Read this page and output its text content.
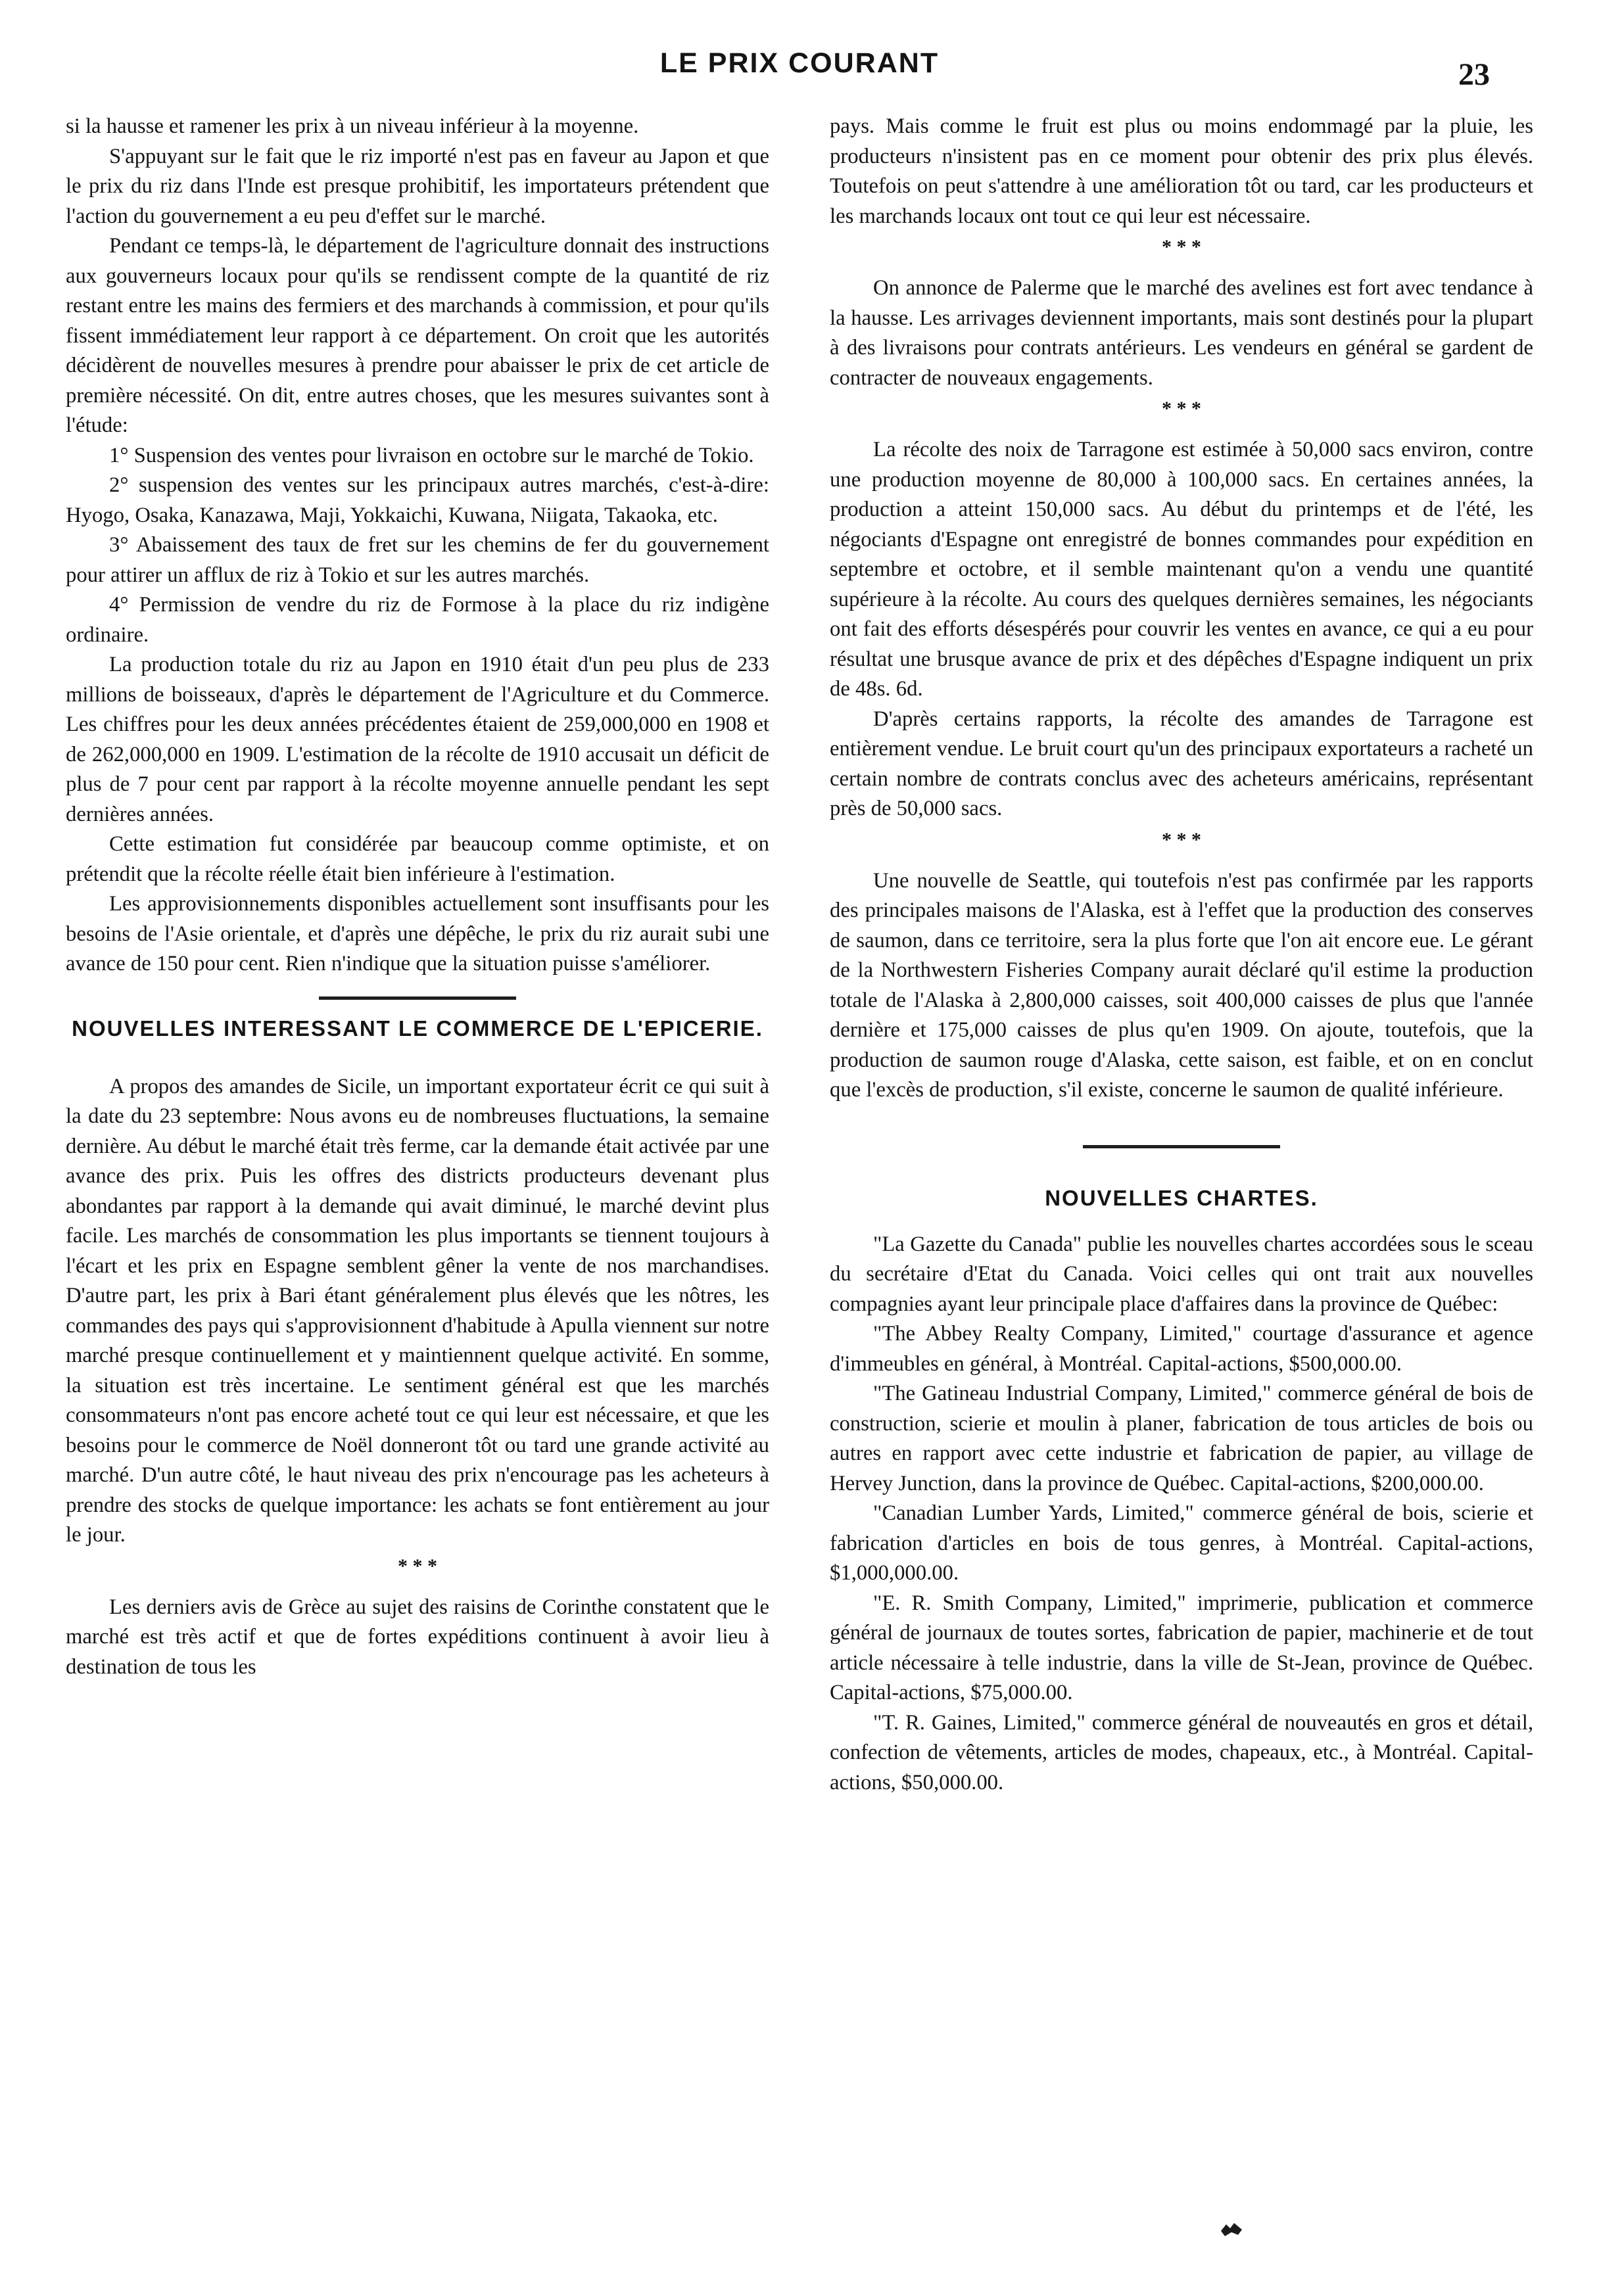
LE PRIX COURANT	23

si la hausse et ramener les prix à un niveau inférieur à la moyenne.

S'appuyant sur le fait que le riz importé n'est pas en faveur au Japon et que le prix du riz dans l'Inde est presque prohibitif, les importateurs prétendent que l'action du gouvernement a eu peu d'effet sur le marché.

Pendant ce temps-là, le département de l'agriculture donnait des instructions aux gouverneurs locaux pour qu'ils se rendissent compte de la quantité de riz restant entre les mains des fermiers et des marchands à commission, et pour qu'ils fissent immédiatement leur rapport à ce département. On croit que les autorités décidèrent de nouvelles mesures à prendre pour abaisser le prix de cet article de première nécessité. On dit, entre autres choses, que les mesures suivantes sont à l'étude:

1° Suspension des ventes pour livraison en octobre sur le marché de Tokio.

2° suspension des ventes sur les principaux autres marchés, c'est-à-dire: Hyogo, Osaka, Kanazawa, Maji, Yokkaichi, Kuwana, Niigata, Takaoka, etc.

3° Abaissement des taux de fret sur les chemins de fer du gouvernement pour attirer un afflux de riz à Tokio et sur les autres marchés.

4° Permission de vendre du riz de Formose à la place du riz indigène ordinaire.

La production totale du riz au Japon en 1910 était d'un peu plus de 233 millions de boisseaux, d'après le département de l'Agriculture et du Commerce. Les chiffres pour les deux années précédentes étaient de 259,000,000 en 1908 et de 262,000,000 en 1909. L'estimation de la récolte de 1910 accusait un déficit de plus de 7 pour cent par rapport à la récolte moyenne annuelle pendant les sept dernières années.

Cette estimation fut considérée par beaucoup comme optimiste, et on prétendit que la récolte réelle était bien inférieure à l'estimation.

Les approvisionnements disponibles actuellement sont insuffisants pour les besoins de l'Asie orientale, et d'après une dépêche, le prix du riz aurait subi une avance de 150 pour cent. Rien n'indique que la situation puisse s'améliorer.

NOUVELLES INTERESSANT LE COMMERCE DE L'EPICERIE.

A propos des amandes de Sicile, un important exportateur écrit ce qui suit à la date du 23 septembre: Nous avons eu de nombreuses fluctuations, la semaine dernière. Au début le marché était très ferme, car la demande était activée par une avance des prix. Puis les offres des districts producteurs devenant plus abondantes par rapport à la demande qui avait diminué, le marché devint plus facile. Les marchés de consommation les plus importants se tiennent toujours à l'écart et les prix en Espagne semblent gêner la vente de nos marchandises. D'autre part, les prix à Bari étant généralement plus élevés que les nôtres, les commandes des pays qui s'approvisionnent d'habitude à Apulla viennent sur notre marché presque continuellement et y maintiennent quelque activité. En somme, la situation est très incertaine. Le sentiment général est que les marchés consommateurs n'ont pas encore acheté tout ce qui leur est nécessaire, et que les besoins pour le commerce de Noël donneront tôt ou tard une grande activité au marché. D'un autre côté, le haut niveau des prix n'encourage pas les acheteurs à prendre des stocks de quelque importance: les achats se font entièrement au jour le jour.

* * *

Les derniers avis de Grèce au sujet des raisins de Corinthe constatent que le marché est très actif et que de fortes expéditions continuent à avoir lieu à destination de tous les

pays. Mais comme le fruit est plus ou moins endommagé par la pluie, les producteurs n'insistent pas en ce moment pour obtenir des prix plus élevés. Toutefois on peut s'attendre à une amélioration tôt ou tard, car les producteurs et les marchands locaux ont tout ce qui leur est nécessaire.

* * *

On annonce de Palerme que le marché des avelines est fort avec tendance à la hausse. Les arrivages deviennent importants, mais sont destinés pour la plupart à des livraisons pour contrats antérieurs. Les vendeurs en général se gardent de contracter de nouveaux engagements.

* * *

La récolte des noix de Tarragone est estimée à 50,000 sacs environ, contre une production moyenne de 80,000 à 100,000 sacs. En certaines années, la production a atteint 150,000 sacs. Au début du printemps et de l'été, les négociants d'Espagne ont enregistré de bonnes commandes pour expédition en septembre et octobre, et il semble maintenant qu'on a vendu une quantité supérieure à la récolte. Au cours des quelques dernières semaines, les négociants ont fait des efforts désespérés pour couvrir les ventes en avance, ce qui a eu pour résultat une brusque avance de prix et des dépêches d'Espagne indiquent un prix de 48s. 6d.

D'après certains rapports, la récolte des amandes de Tarragone est entièrement vendue. Le bruit court qu'un des principaux exportateurs a racheté un certain nombre de contrats conclus avec des acheteurs américains, représentant près de 50,000 sacs.

* * *

Une nouvelle de Seattle, qui toutefois n'est pas confirmée par les rapports des principales maisons de l'Alaska, est à l'effet que la production des conserves de saumon, dans ce territoire, sera la plus forte que l'on ait encore eue. Le gérant de la Northwestern Fisheries Company aurait déclaré qu'il estime la production totale de l'Alaska à 2,800,000 caisses, soit 400,000 caisses de plus que l'année dernière et 175,000 caisses de plus qu'en 1909. On ajoute, toutefois, que la production de saumon rouge d'Alaska, cette saison, est faible, et on en conclut que l'excès de production, s'il existe, concerne le saumon de qualité inférieure.

NOUVELLES CHARTES.

"La Gazette du Canada" publie les nouvelles chartes accordées sous le sceau du secrétaire d'Etat du Canada. Voici celles qui ont trait aux nouvelles compagnies ayant leur principale place d'affaires dans la province de Québec:

"The Abbey Realty Company, Limited," courtage d'assurance et agence d'immeubles en général, à Montréal. Capital-actions, $500,000.00.

"The Gatineau Industrial Company, Limited," commerce général de bois de construction, scierie et moulin à planer, fabrication de tous articles de bois ou autres en rapport avec cette industrie et fabrication de papier, au village de Hervey Junction, dans la province de Québec. Capital-actions, $200,000.00.

"Canadian Lumber Yards, Limited," commerce général de bois, scierie et fabrication d'articles en bois de tous genres, à Montréal. Capital-actions, $1,000,000.00.

"E. R. Smith Company, Limited," imprimerie, publication et commerce général de journaux de toutes sortes, fabrication de papier, machinerie et de tout article nécessaire à telle industrie, dans la ville de St-Jean, province de Québec. Capital-actions, $75,000.00.

"T. R. Gaines, Limited," commerce général de nouveautés en gros et détail, confection de vêtements, articles de modes, chapeaux, etc., à Montréal. Capital-actions, $50,000.00.
